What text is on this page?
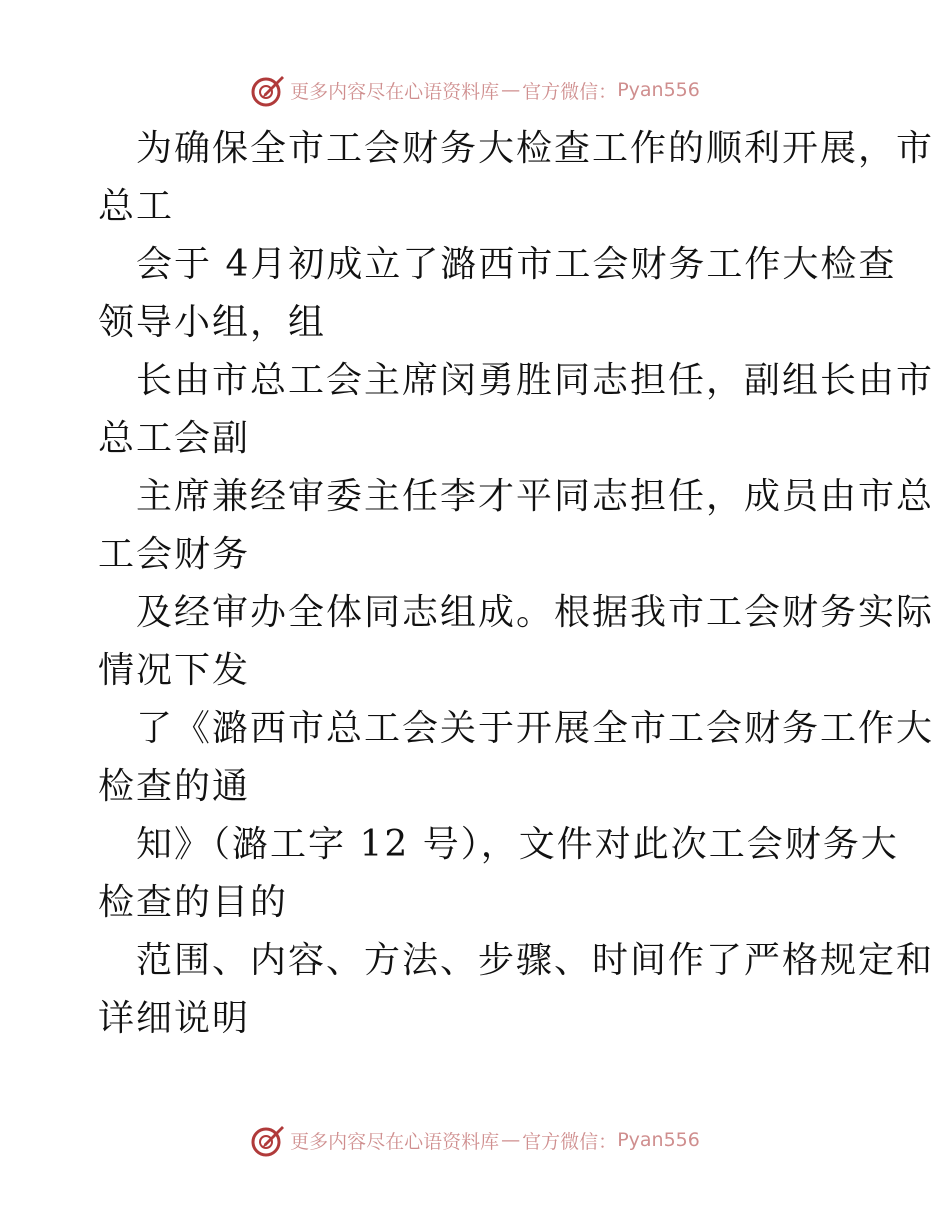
更多内容尽在心语资料库 — 官方微信： Pyan556
为确保全市工会财务大检查工作的顺利开展，市
总工
会于 4月初成立了潞西市工会财务工作大检查
领导小组，组
长由市总工会主席闵勇胜同志担任，副组长由市
总工会副
主席兼经审委主任李才平同志担任，成员由市总
工会财务
及经审办全体同志组成。根据我市工会财务实际
情况下发
了《潞西市总工会关于开展全市工会财务工作大
检查的通
知》（潞工字 12 号），文件对此次工会财务大
检查的目的
范围、内容、方法、步骤、时间作了严格规定和
详细说明
更多内容尽在心语资料库 — 官方微信： Pyan556
